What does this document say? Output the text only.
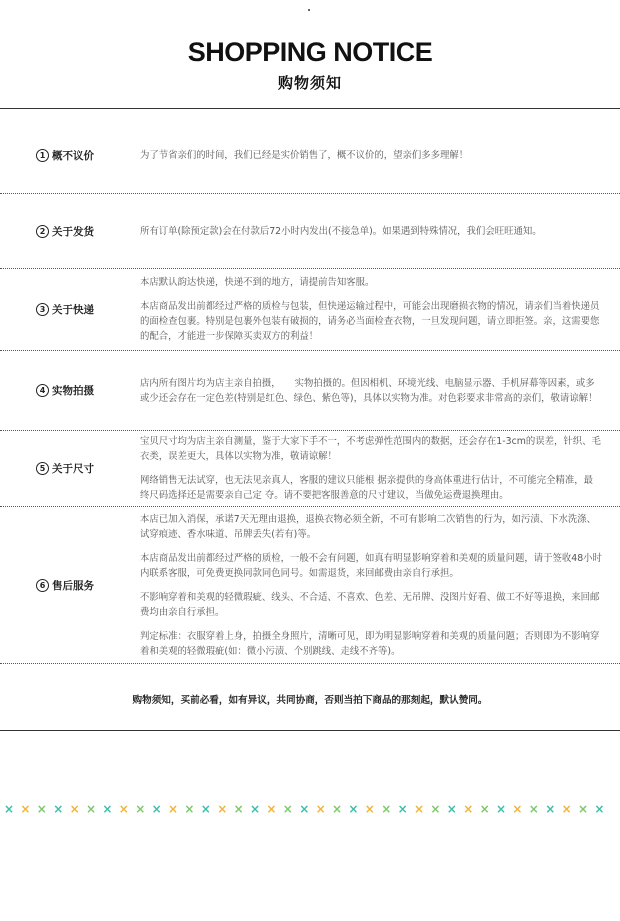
SHOPPING NOTICE
购物须知
1 概不议价	为了节省亲们的时间，我们已经是实价销售了，概不议价的，望亲们多多理解！

2 关于发货	所有订单(除预定款)会在付款后72小时内发出(不接急单)。如果遇到特殊情况，我们会旺旺通知。

3 关于快递

本店默认韵达快递，快递不到的地方，请提前告知客服。

本店商品发出前都经过严格的质检与包装，但快递运输过程中，可能会出现磨损衣物的情况，请亲们当着快递员的面检查包裹。特别是包裹外包装有破损的，请务必当面检查衣物，一旦发现问题，请立即拒签。亲，这需要您的配合，才能进一步保障买卖双方的利益！

4 实物拍摄

店内所有图片均为店主亲自拍摄，　　实物拍摄的。但因相机、环境光线、电脑显示器、手机屏幕等因素，或多或少还会存在一定色差(特别是红色、绿色、紫色等)，具体以实物为准。对色彩要求非常高的亲们，敬请谅解！

5 关于尺寸

宝贝尺寸均为店主亲自测量，鉴于大家下手不一，不考虑弹性范围内的数据，还会存在1-3cm的误差，针织、毛衣类，误差更大，具体以实物为准，敬请谅解！

网络销售无法试穿，也无法见亲真人，客服的建议只能根 据亲提供的身高体重进行估计，不可能完全精准，最终尺码选择还是需要亲自己定 夺。请不要把客服善意的尺寸建议，当做免运费退换理由。

6 售后服务

本店已加入消保，承诺7天无理由退换，退换衣物必须全新，不可有影响二次销售的行为，如污渍、下水洗涤、 试穿痕迹、香水味道、吊牌丢失(若有)等。

本店商品发出前都经过严格的质检，一般不会有问题，如真有明显影响穿着和美观的质量问题，请于签收48小时内联系客服，可免费更换同款同色同号。如需退货，来回邮费由亲自行承担。

不影响穿着和美观的轻微瑕疵、线头、不合适、不喜欢、色差、无吊牌、没图片好看、做工不好等退换，来回邮费均由亲自行承担。

判定标准：衣服穿着上身，拍摄全身照片，清晰可见，即为明显影响穿着和美观的质量问题；否则即为不影响穿着和美观的轻微瑕疵(如：微小污渍、个别跳线、走线不齐等)。

购物须知，买前必看，如有异议，共同协商，否则当拍下商品的那刻起，默认赞同。
× × × × × × × × × × × × × × × × × × × × × × × × × × × × × × × × × × × × ×
